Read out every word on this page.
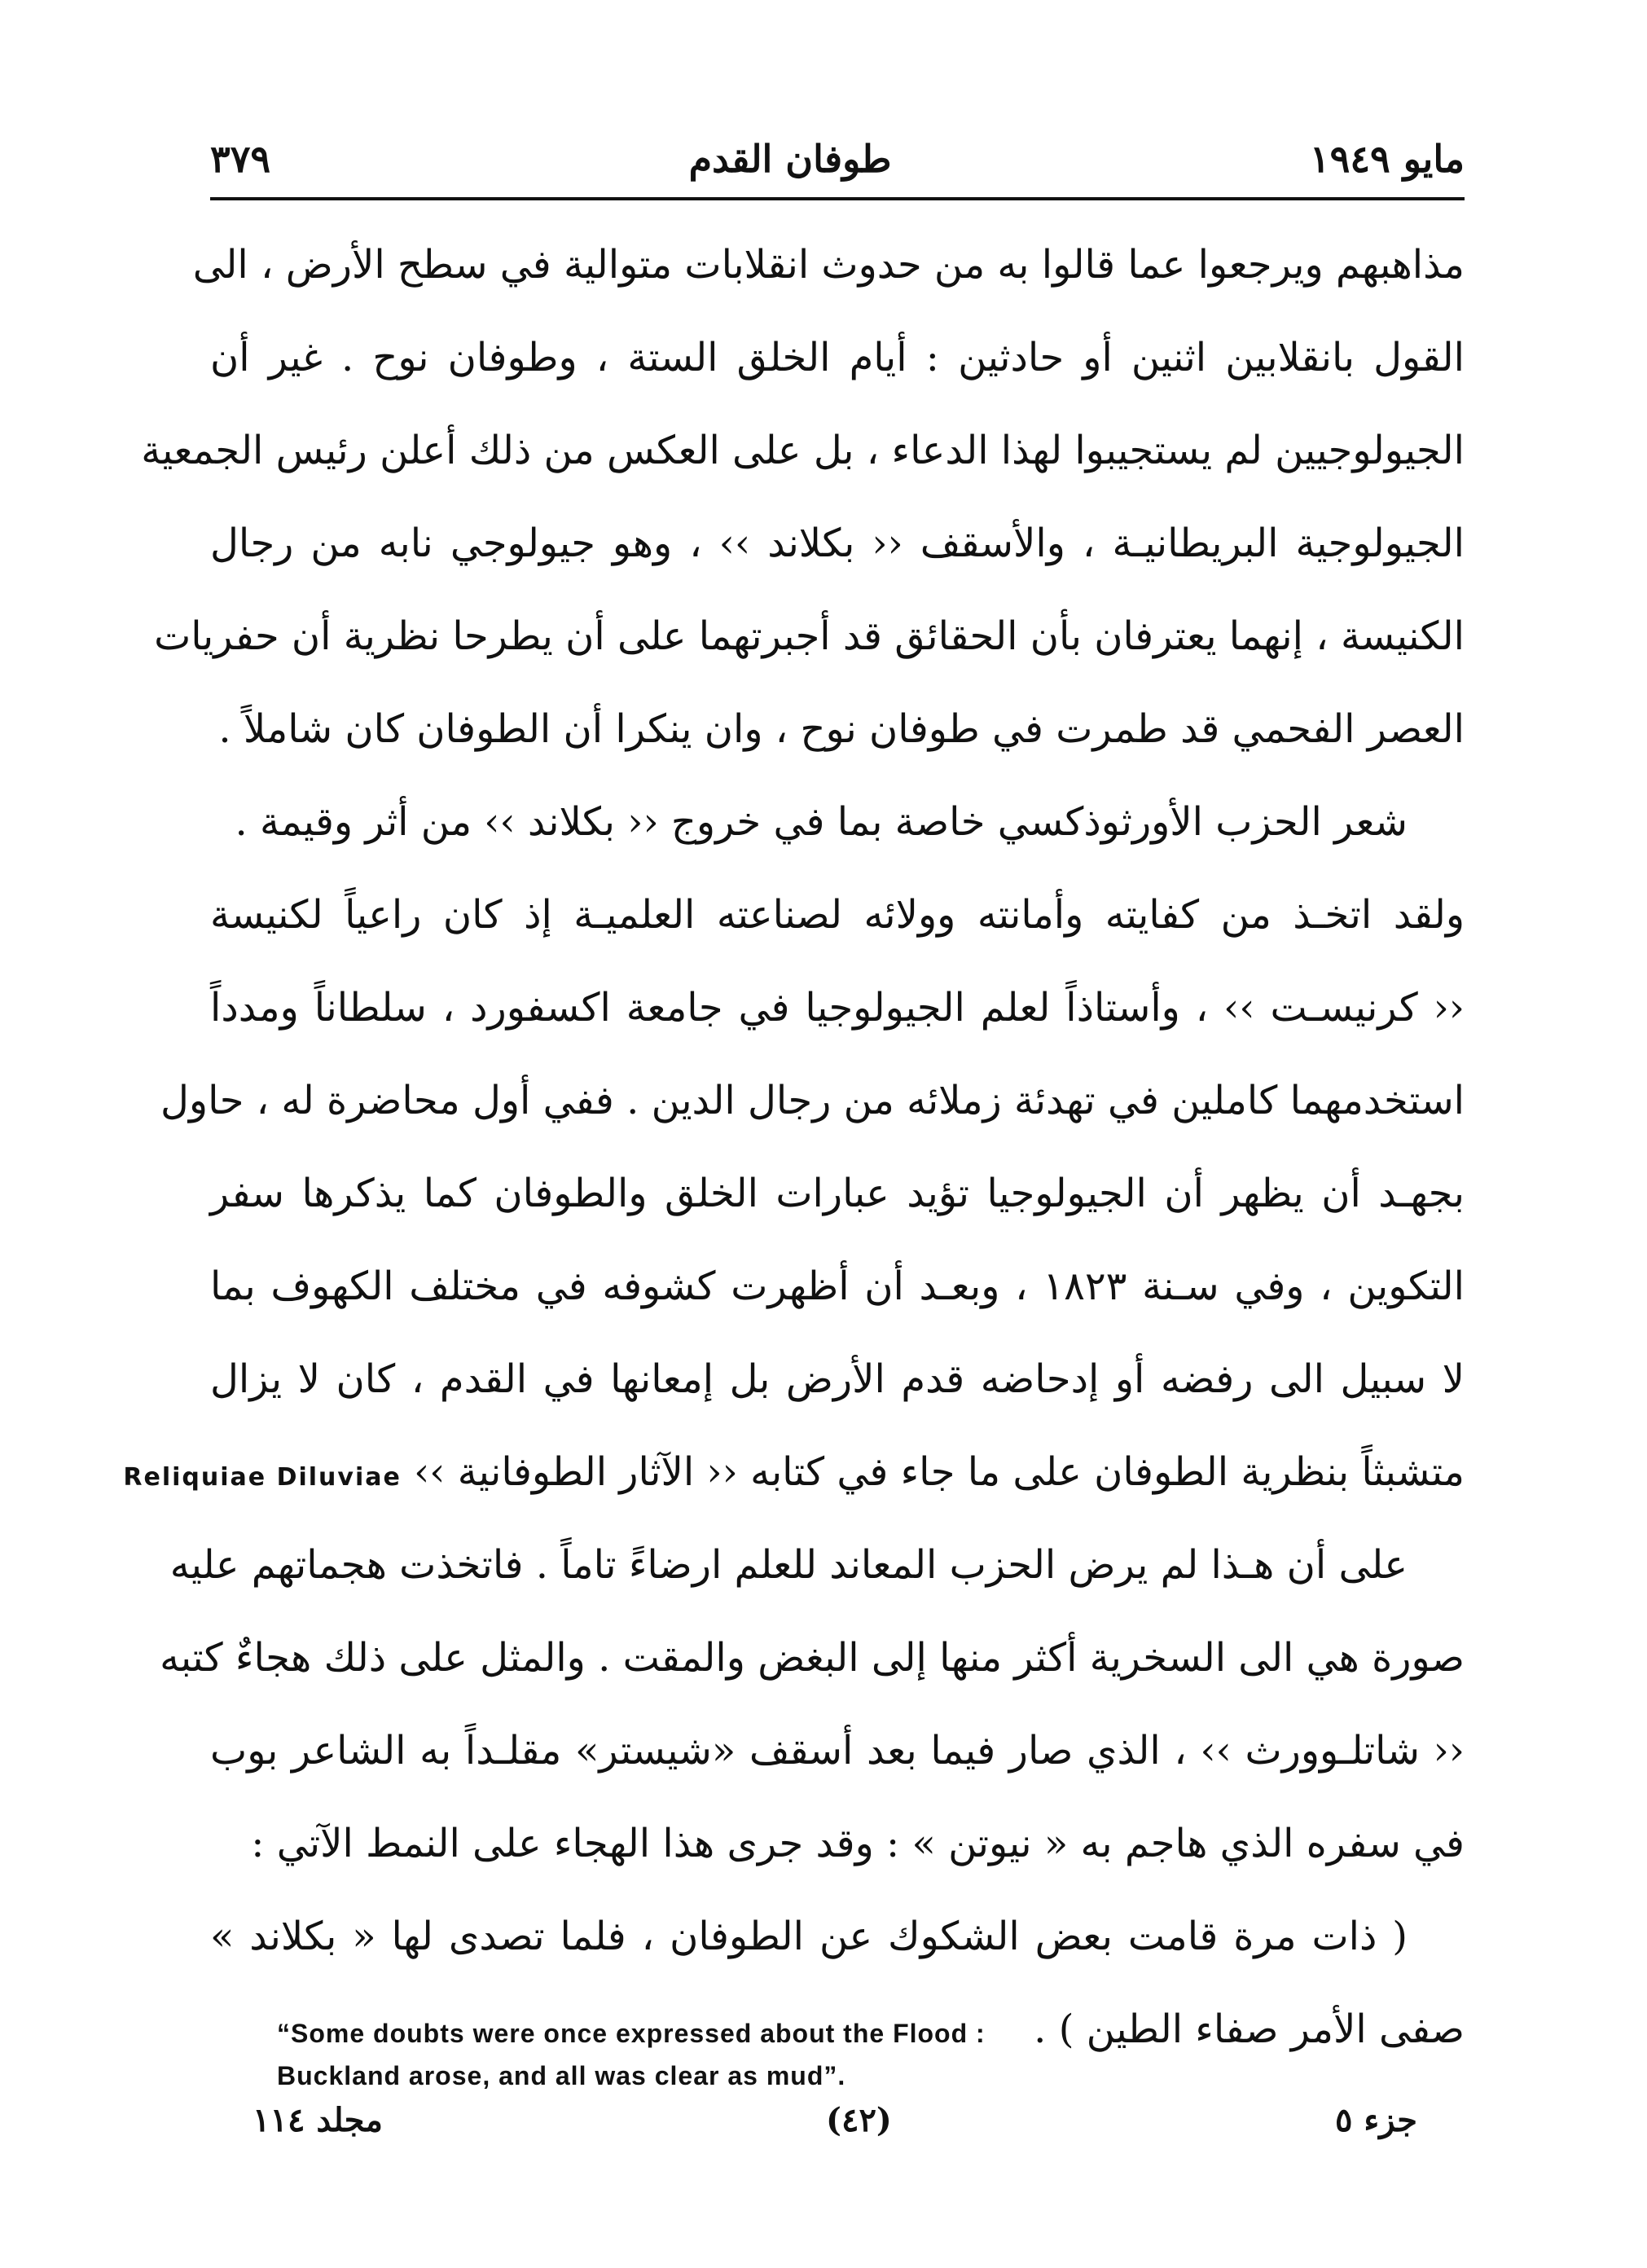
مايو ١٩٤٩
طوفان القدم
٣٧٩
مذاهبهم ويرجعوا عما قالوا به من حدوث انقلابات متوالية في سطح الأرض ، الى
القول بانقلابين اثنين أو حادثين : أيام الخلق الستة ، وطوفان نوح . غير أن
الجيولوجيين لم يستجيبوا لهذا الدعاء ، بل على العكس من ذلك أعلن رئيس الجمعية
الجيولوجية البريطانيـة ، والأسقف ‹‹ بكلاند ›› ، وهو جيولوجي نابه من رجال
الكنيسة ، إنهما يعترفان بأن الحقائق قد أجبرتهما على أن يطرحا نظرية أن حفريات
العصر الفحمي قد طمرت في طوفان نوح ، وان ينكرا أن الطوفان كان شاملاً .
شعر الحزب الأورثوذكسي خاصة بما في خروج ‹‹ بكلاند ›› من أثر وقيمة .
ولقد اتخـذ من كفايته وأمانته وولائه لصناعته العلميـة إذ كان راعياً لكنيسة
‹‹ كرنيسـت ›› ، وأستاذاً لعلم الجيولوجيا في جامعة اكسفورد ، سلطاناً ومدداً
استخدمهما كاملين في تهدئة زملائه من رجال الدين . ففي أول محاضرة له ، حاول
بجهـد أن يظهر أن الجيولوجيا تؤيد عبارات الخلق والطوفان كما يذكرها سفر
التكوين ، وفي سـنة ١٨٢٣ ، وبعـد أن أظهرت كشوفه في مختلف الكهوف بما
لا سبيل الى رفضه أو إدحاضه قدم الأرض بل إمعانها في القدم ، كان لا يزال
متشبثاً بنظرية الطوفان على ما جاء في كتابه ‹‹ الآثار الطوفانية ›› Reliquiae Diluviae
على أن هـذا لم يرض الحزب المعاند للعلم ارضاءً تاماً . فاتخذت هجماتهم عليه
صورة هي الى السخرية أكثر منها إلى البغض والمقت . والمثل على ذلك هجاءٌ كتبه
‹‹ شاتلـوورث ›› ، الذي صار فيما بعد أسقف «شيستر» مقلـداً به الشاعر بوب
في سفره الذي هاجم به « نيوتن » : وقد جرى هذا الهجاء على النمط الآتي :
( ذات مرة قامت بعض الشكوك عن الطوفان ، فلما تصدى لها « بكلاند »
صفى الأمر صفاء الطين ) .
“Some doubts were once expressed about the Flood :
Buckland arose, and all was clear as mud”.
جزء ٥
(٤٢)
مجلد ١١٤
